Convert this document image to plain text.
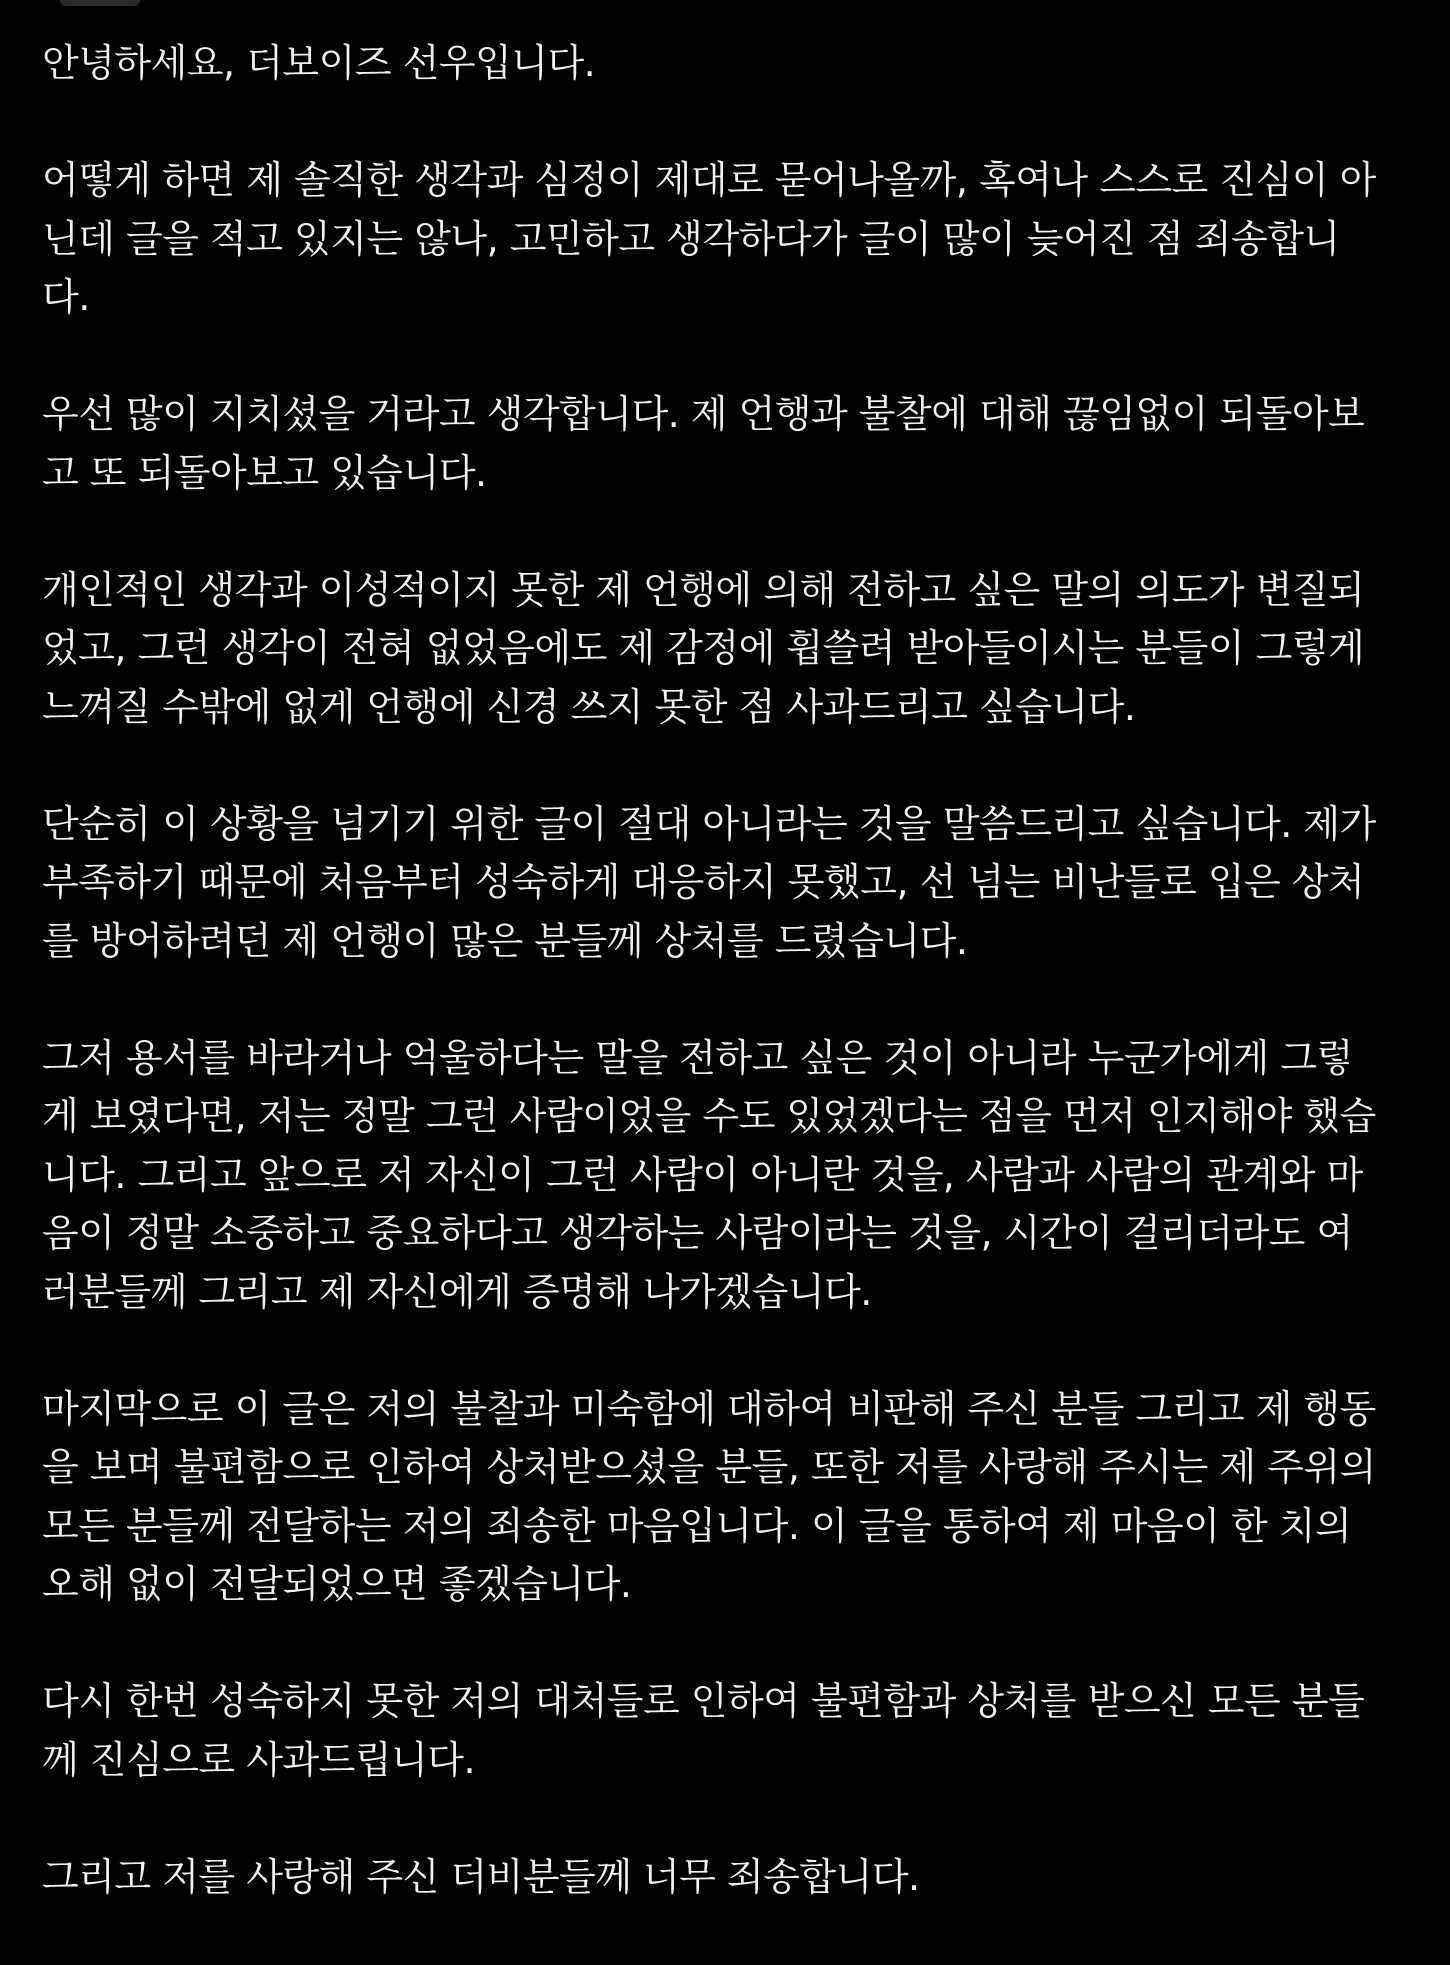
안녕하세요, 더보이즈 선우입니다.
어떻게 하면 제 솔직한 생각과 심정이 제대로 묻어나올까, 혹여나 스스로 진심이 아
닌데 글을 적고 있지는 않나, 고민하고 생각하다가 글이 많이 늦어진 점 죄송합니
다.
우선 많이 지치셨을 거라고 생각합니다. 제 언행과 불찰에 대해 끊임없이 되돌아보
고 또 되돌아보고 있습니다.
개인적인 생각과 이성적이지 못한 제 언행에 의해 전하고 싶은 말의 의도가 변질되
었고, 그런 생각이 전혀 없었음에도 제 감정에 휩쓸려 받아들이시는 분들이 그렇게
느껴질 수밖에 없게 언행에 신경 쓰지 못한 점 사과드리고 싶습니다.
단순히 이 상황을 넘기기 위한 글이 절대 아니라는 것을 말씀드리고 싶습니다. 제가
부족하기 때문에 처음부터 성숙하게 대응하지 못했고, 선 넘는 비난들로 입은 상처
를 방어하려던 제 언행이 많은 분들께 상처를 드렸습니다.
그저 용서를 바라거나 억울하다는 말을 전하고 싶은 것이 아니라 누군가에게 그렇
게 보였다면, 저는 정말 그런 사람이었을 수도 있었겠다는 점을 먼저 인지해야 했습
니다. 그리고 앞으로 저 자신이 그런 사람이 아니란 것을, 사람과 사람의 관계와 마
음이 정말 소중하고 중요하다고 생각하는 사람이라는 것을, 시간이 걸리더라도 여
러분들께 그리고 제 자신에게 증명해 나가겠습니다.
마지막으로 이 글은 저의 불찰과 미숙함에 대하여 비판해 주신 분들 그리고 제 행동
을 보며 불편함으로 인하여 상처받으셨을 분들, 또한 저를 사랑해 주시는 제 주위의
모든 분들께 전달하는 저의 죄송한 마음입니다. 이 글을 통하여 제 마음이 한 치의
오해 없이 전달되었으면 좋겠습니다.
다시 한번 성숙하지 못한 저의 대처들로 인하여 불편함과 상처를 받으신 모든 분들
께 진심으로 사과드립니다.
그리고 저를 사랑해 주신 더비분들께 너무 죄송합니다.
